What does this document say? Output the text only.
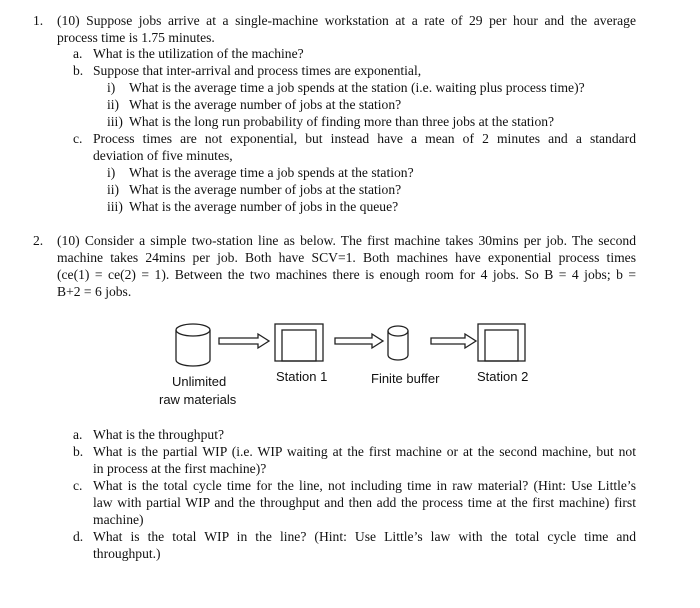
1. (10) Suppose jobs arrive at a single-machine workstation at a rate of 29 per hour and the average
process time is 1.75 minutes.
a. What is the utilization of the machine?
b. Suppose that inter-arrival and process times are exponential,
i) What is the average time a job spends at the station (i.e. waiting plus process time)?
ii) What is the average number of jobs at the station?
iii) What is the long run probability of finding more than three jobs at the station?
c. Process times are not exponential, but instead have a mean of 2 minutes and a standard
deviation of five minutes,
i) What is the average time a job spends at the station?
ii) What is the average number of jobs at the station?
iii) What is the average number of jobs in the queue?
2. (10) Consider a simple two-station line as below. The first machine takes 30mins per job. The second
machine takes 24mins per job. Both have SCV=1. Both machines have exponential process times
(ce(1) = ce(2) = 1). Between the two machines there is enough room for 4 jobs. So B = 4 jobs; b =
B+2 = 6 jobs.
Unlimited
raw materials
Station 1	Finite buffer	Station 2
a. What is the throughput?
b. What is the partial WIP (i.e. WIP waiting at the first machine or at the second machine, but not
in process at the first machine)?
c. What is the total cycle time for the line, not including time in raw material? (Hint: Use Little’s
law with partial WIP and the throughput and then add the process time at the first machine) first
machine)
d. What is the total WIP in the line? (Hint: Use Little’s law with the total cycle time and
throughput.)
